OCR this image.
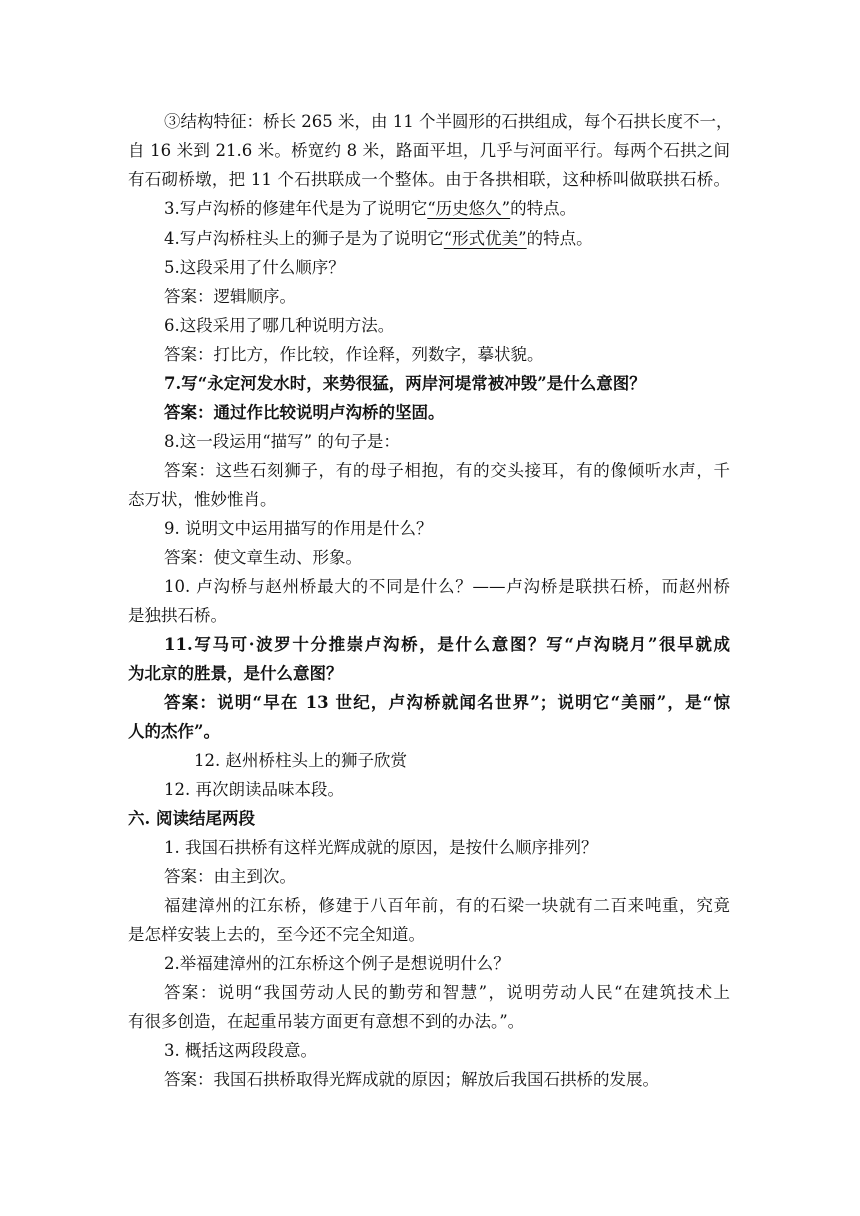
③结构特征：桥长 265 米，由 11 个半圆形的石拱组成，每个石拱长度不一，
自 16 米到 21.6 米。桥宽约 8 米，路面平坦，几乎与河面平行。每两个石拱之间
有石砌桥墩，把 11 个石拱联成一个整体。由于各拱相联，这种桥叫做联拱石桥。
3.写卢沟桥的修建年代是为了说明它“历史悠久”的特点。
4.写卢沟桥柱头上的狮子是为了说明它“形式优美”的特点。
5.这段采用了什么顺序？
答案：逻辑顺序。
6.这段采用了哪几种说明方法。
答案：打比方，作比较，作诠释，列数字，摹状貌。
7.写“永定河发水时，来势很猛，两岸河堤常被冲毁”是什么意图？
答案：通过作比较说明卢沟桥的坚固。
8.这一段运用“描写” 的句子是：
答案：这些石刻狮子，有的母子相抱，有的交头接耳，有的像倾听水声，千
态万状，惟妙惟肖。
9. 说明文中运用描写的作用是什么？
答案：使文章生动、形象。
10. 卢沟桥与赵州桥最大的不同是什么？——卢沟桥是联拱石桥，而赵州桥
是独拱石桥。
11.写马可·波罗十分推崇卢沟桥，是什么意图？写“卢沟晓月”很早就成
为北京的胜景，是什么意图？
答案：说明“早在 13 世纪，卢沟桥就闻名世界”；说明它“美丽”，是“惊
人的杰作”。
12. 赵州桥柱头上的狮子欣赏
12. 再次朗读品味本段。
六. 阅读结尾两段
1. 我国石拱桥有这样光辉成就的原因，是按什么顺序排列？
答案：由主到次。
福建漳州的江东桥，修建于八百年前，有的石梁一块就有二百来吨重，究竟
是怎样安装上去的，至今还不完全知道。
2.举福建漳州的江东桥这个例子是想说明什么？
答案：说明“我国劳动人民的勤劳和智慧”，说明劳动人民“在建筑技术上
有很多创造，在起重吊装方面更有意想不到的办法。”。
3. 概括这两段段意。
答案：我国石拱桥取得光辉成就的原因；解放后我国石拱桥的发展。
